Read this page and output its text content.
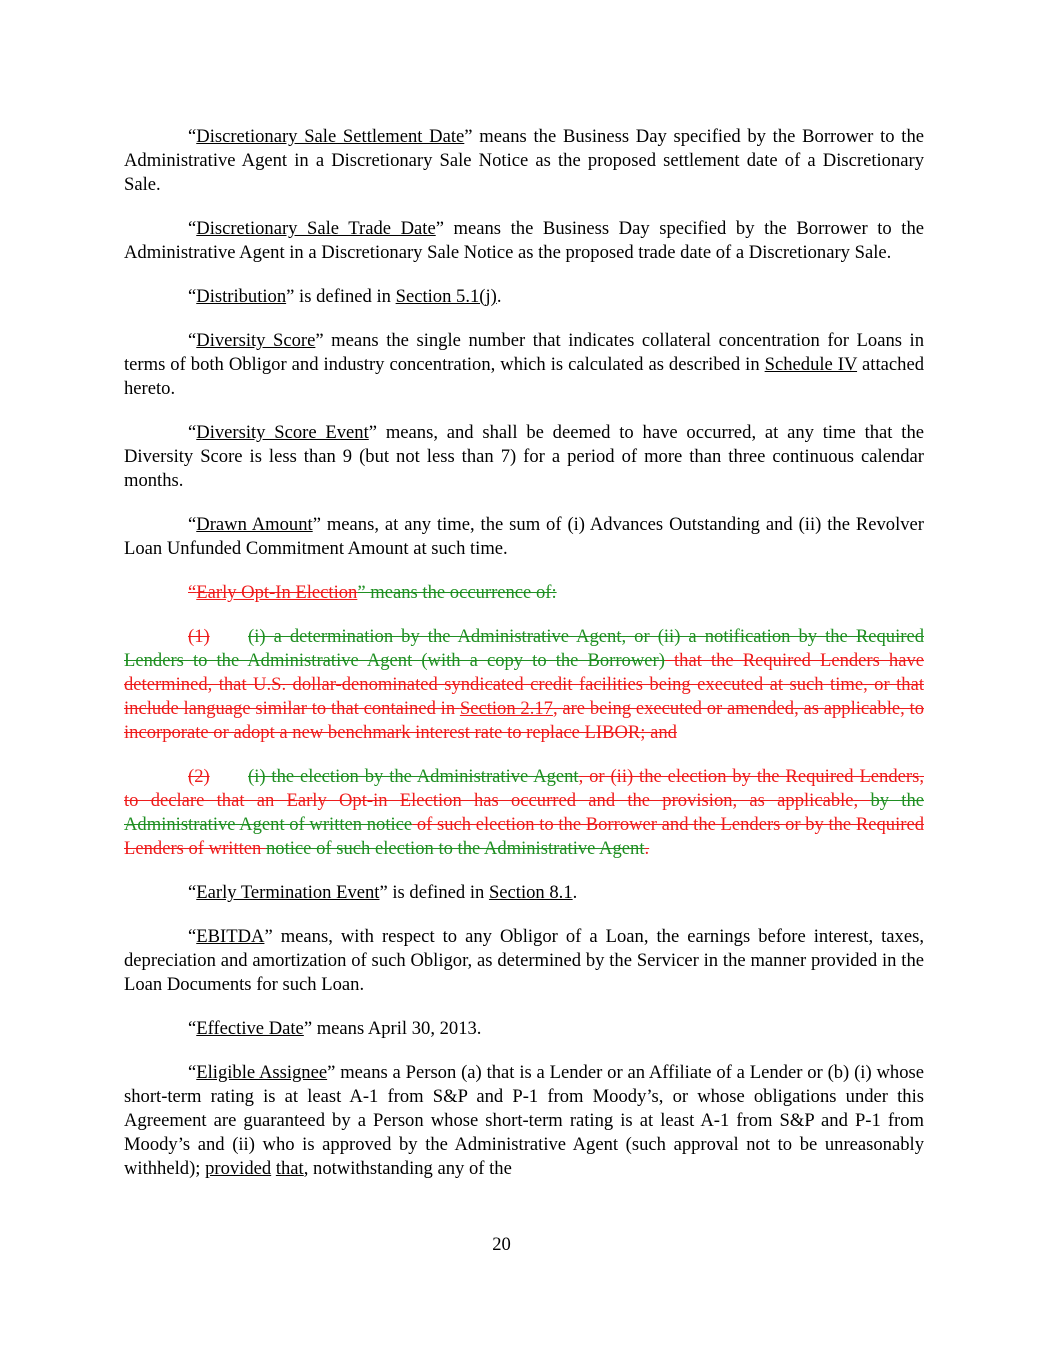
“Discretionary Sale Settlement Date” means the Business Day specified by the Borrower to the Administrative Agent in a Discretionary Sale Notice as the proposed settlement date of a Discretionary Sale.

“Discretionary Sale Trade Date” means the Business Day specified by the Borrower to the Administrative Agent in a Discretionary Sale Notice as the proposed trade date of a Discretionary Sale.

“Distribution” is defined in Section 5.1(j).

“Diversity Score” means the single number that indicates collateral concentration for Loans in terms of both Obligor and industry concentration, which is calculated as described in Schedule IV attached hereto.

“Diversity Score Event” means, and shall be deemed to have occurred, at any time that the Diversity Score is less than 9 (but not less than 7) for a period of more than three continuous calendar months.

“Drawn Amount” means, at any time, the sum of (i) Advances Outstanding and (ii) the Revolver Loan Unfunded Commitment Amount at such time.

“Early Opt-In Election” means the occurrence of:

(1) (i) a determination by the Administrative Agent, or (ii) a notification by the Required Lenders to the Administrative Agent (with a copy to the Borrower) that the Required Lenders have determined, that U.S. dollar-denominated syndicated credit facilities being executed at such time, or that include language similar to that contained in Section 2.17, are being executed or amended, as applicable, to incorporate or adopt a new benchmark interest rate to replace LIBOR; and

(2) (i) the election by the Administrative Agent, or (ii) the election by the Required Lenders, to declare that an Early Opt-in Election has occurred and the provision, as applicable, by the Administrative Agent of written notice of such election to the Borrower and the Lenders or by the Required Lenders of written notice of such election to the Administrative Agent.

“Early Termination Event” is defined in Section 8.1.

“EBITDA” means, with respect to any Obligor of a Loan, the earnings before interest, taxes, depreciation and amortization of such Obligor, as determined by the Servicer in the manner provided in the Loan Documents for such Loan.

“Effective Date” means April 30, 2013.

“Eligible Assignee” means a Person (a) that is a Lender or an Affiliate of a Lender or (b) (i) whose short-term rating is at least A-1 from S&P and P-1 from Moody’s, or whose obligations under this Agreement are guaranteed by a Person whose short-term rating is at least A-1 from S&P and P-1 from Moody’s and (ii) who is approved by the Administrative Agent (such approval not to be unreasonably withheld); provided that, notwithstanding any of the

20
